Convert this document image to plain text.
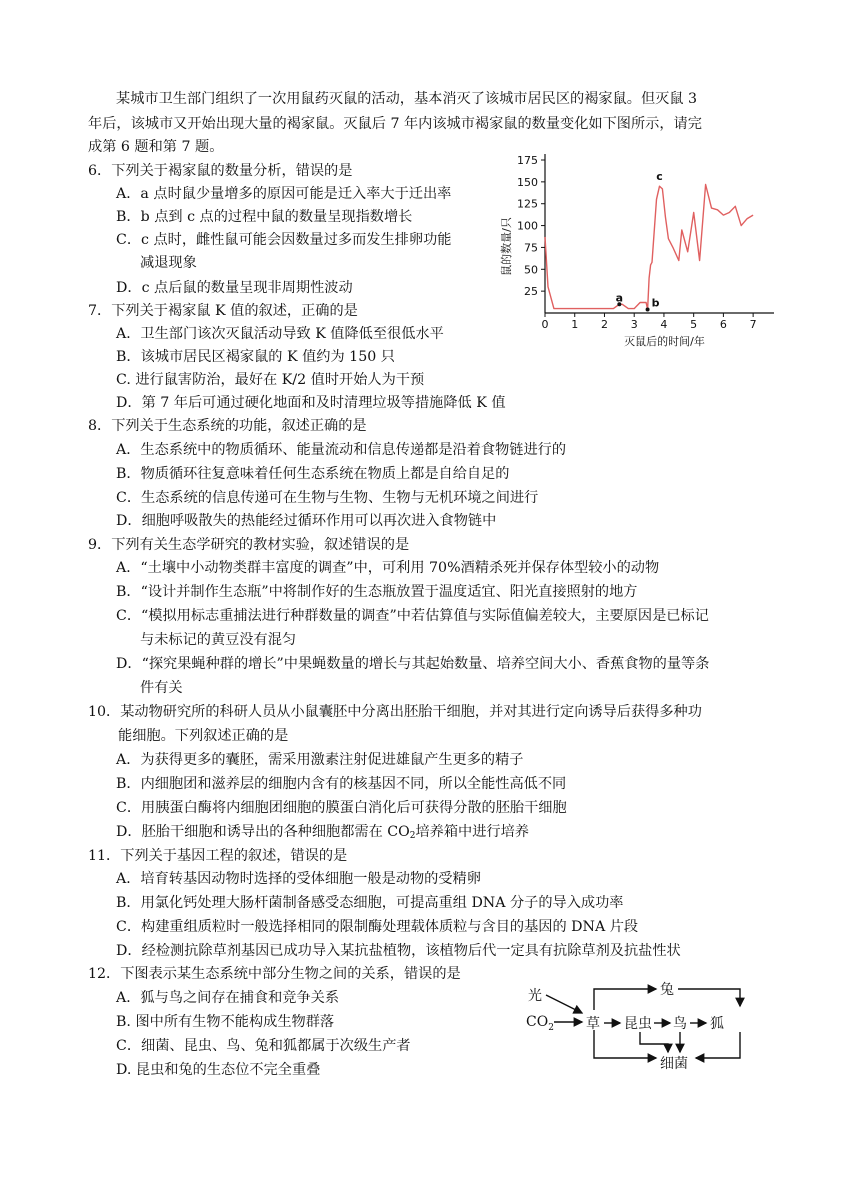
某城市卫生部门组织了一次用鼠药灭鼠的活动，基本消灭了该城市居民区的褐家鼠。但灭鼠 3
年后，该城市又开始出现大量的褐家鼠。灭鼠后 7 年内该城市褐家鼠的数量变化如下图所示，请完
成第 6 题和第 7 题。
6．下列关于褐家鼠的数量分析，错误的是
A．a 点时鼠少量增多的原因可能是迁入率大于迁出率
B．b 点到 c 点的过程中鼠的数量呈现指数增长
C．c 点时，雌性鼠可能会因数量过多而发生排卵功能
减退现象
D．c 点后鼠的数量呈现非周期性波动
7．下列关于褐家鼠 K 值的叙述，正确的是
A．卫生部门该次灭鼠活动导致 K 值降低至很低水平
B．该城市居民区褐家鼠的 K 值约为 150 只
C. 进行鼠害防治，最好在 K/2 值时开始人为干预
D．第 7 年后可通过硬化地面和及时清理垃圾等措施降低 K 值
8．下列关于生态系统的功能，叙述正确的是
A．生态系统中的物质循环、能量流动和信息传递都是沿着食物链进行的
B．物质循环往复意味着任何生态系统在物质上都是自给自足的
C．生态系统的信息传递可在生物与生物、生物与无机环境之间进行
D．细胞呼吸散失的热能经过循环作用可以再次进入食物链中
9．下列有关生态学研究的教材实验，叙述错误的是
A．“土壤中小动物类群丰富度的调查”中，可利用 70%酒精杀死并保存体型较小的动物
B．“设计并制作生态瓶”中将制作好的生态瓶放置于温度适宜、阳光直接照射的地方
C．“模拟用标志重捕法进行种群数量的调查”中若估算值与实际值偏差较大，主要原因是已标记
与未标记的黄豆没有混匀
D．“探究果蝇种群的增长”中果蝇数量的增长与其起始数量、培养空间大小、香蕉食物的量等条
件有关
10．某动物研究所的科研人员从小鼠囊胚中分离出胚胎干细胞，并对其进行定向诱导后获得多种功
能细胞。下列叙述正确的是
A．为获得更多的囊胚，需采用激素注射促进雄鼠产生更多的精子
B．内细胞团和滋养层的细胞内含有的核基因不同，所以全能性高低不同
C．用胰蛋白酶将内细胞团细胞的膜蛋白消化后可获得分散的胚胎干细胞
D．胚胎干细胞和诱导出的各种细胞都需在 $CO_2$培养箱中进行培养
11．下列关于基因工程的叙述，错误的是
A．培育转基因动物时选择的受体细胞一般是动物的受精卵
B．用氯化钙处理大肠杆菌制备感受态细胞，可提高重组 DNA 分子的导入成功率
C．构建重组质粒时一般选择相同的限制酶处理载体质粒与含目的基因的 DNA 片段
D．经检测抗除草剂基因已成功导入某抗盐植物，该植物后代一定具有抗除草剂及抗盐性状
12．下图表示某生态系统中部分生物之间的关系，错误的是
A．狐与鸟之间存在捕食和竞争关系
B. 图中所有生物不能构成生物群落
C．细菌、昆虫、鸟、兔和狐都属于次级生产者
D. 昆虫和兔的生态位不完全重叠
25
50
75
100
125
150
175
0 1 2 3 4 5 6 7
灭鼠后的时间/年
鼠的数量/只
a	b
c
光
$CO_2$ 草 昆虫 鸟 狐
兔
细菌
